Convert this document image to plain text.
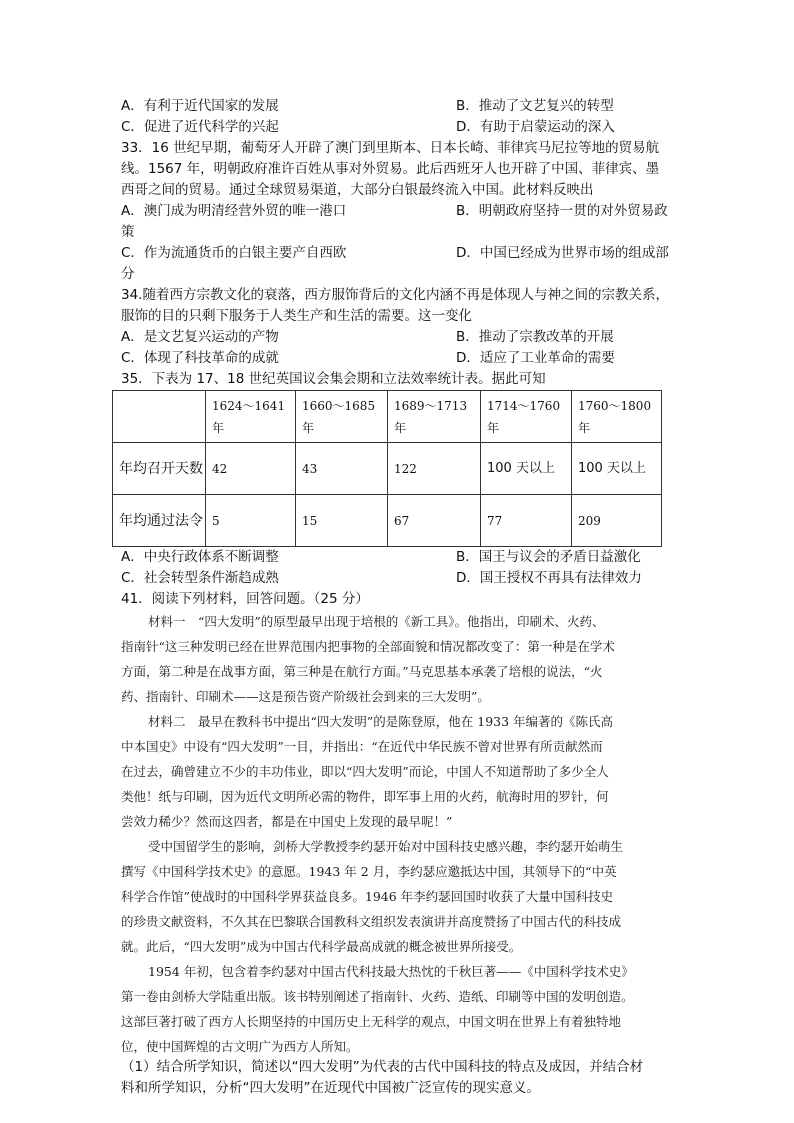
A．有利于近代国家的发展	B．推动了文艺复兴的转型
C．促进了近代科学的兴起	D．有助于启蒙运动的深入
33．16 世纪早期，葡萄牙人开辟了澳门到里斯本、日本长崎、菲律宾马尼拉等地的贸易航
线。1567 年，明朝政府准许百姓从事对外贸易。此后西班牙人也开辟了中国、菲律宾、墨
西哥之间的贸易。通过全球贸易渠道，大部分白银最终流入中国。此材料反映出
A．澳门成为明清经营外贸的唯一港口	B．明朝政府坚持一贯的对外贸易政
策
C．作为流通货币的白银主要产自西欧	D．中国已经成为世界市场的组成部
分
34.随着西方宗教文化的衰落，西方服饰背后的文化内涵不再是体现人与神之间的宗教关系，
服饰的目的只剩下服务于人类生产和生活的需要。这一变化
A．是文艺复兴运动的产物	B．推动了宗教改革的开展
C．体现了科技革命的成就	D．适应了工业革命的需要
35．下表为 17、18 世纪英国议会集会期和立法效率统计表。据此可知
	1624～1641 年	1660～1685 年	1689～1713 年	1714～1760 年	1760～1800 年
年均召开天数	42	43	122	100 天以上	100 天以上
年均通过法令	5	15	67	77	209
A．中央行政体系不断调整	B．国王与议会的矛盾日益激化
C．社会转型条件渐趋成熟	D．国王授权不再具有法律效力
41．阅读下列材料，回答问题。（25 分）
材料一　“四大发明”的原型最早出现于培根的《新工具》。他指出，印刷术、火药、
指南针“这三种发明已经在世界范围内把事物的全部面貌和情况都改变了：第一种是在学术
方面，第二种是在战事方面，第三种是在航行方面。”马克思基本承袭了培根的说法，“火
药、指南针、印刷术——这是预告资产阶级社会到来的三大发明”。
材料二　最早在教科书中提出“四大发明”的是陈登原，他在 1933 年编著的《陈氏高
中本国史》中设有“四大发明”一目，并指出：“在近代中华民族不曾对世界有所贡献然而
在过去，确曾建立不少的丰功伟业，即以“四大发明”而论，中国人不知道帮助了多少全人
类他！纸与印刷，因为近代文明所必需的物件，即军事上用的火药，航海时用的罗针，何
尝效力稀少？然而这四者，都是在中国史上发现的最早呢！”
受中国留学生的影响，剑桥大学教授李约瑟开始对中国科技史感兴趣，李约瑟开始萌生
撰写《中国科学技术史》的意愿。1943 年 2 月，李约瑟应邀抵达中国，其领导下的“中英
科学合作馆”使战时的中国科学界获益良多。1946 年李约瑟回国时收获了大量中国科技史
的珍贵文献资料，不久其在巴黎联合国教科文组织发表演讲并高度赞扬了中国古代的科技成
就。此后，“四大发明”成为中国古代科学最高成就的概念被世界所接受。
1954 年初，包含着李约瑟对中国古代科技最大热忱的千秋巨著——《中国科学技术史》
第一卷由剑桥大学陆重出版。该书特别阐述了指南针、火药、造纸、印刷等中国的发明创造。
这部巨著打破了西方人长期坚持的中国历史上无科学的观点，中国文明在世界上有着独特地
位，使中国辉煌的古文明广为西方人所知。
（1）结合所学知识，简述以“四大发明”为代表的古代中国科技的特点及成因，并结合材
料和所学知识，分析“四大发明”在近现代中国被广泛宣传的现实意义。
